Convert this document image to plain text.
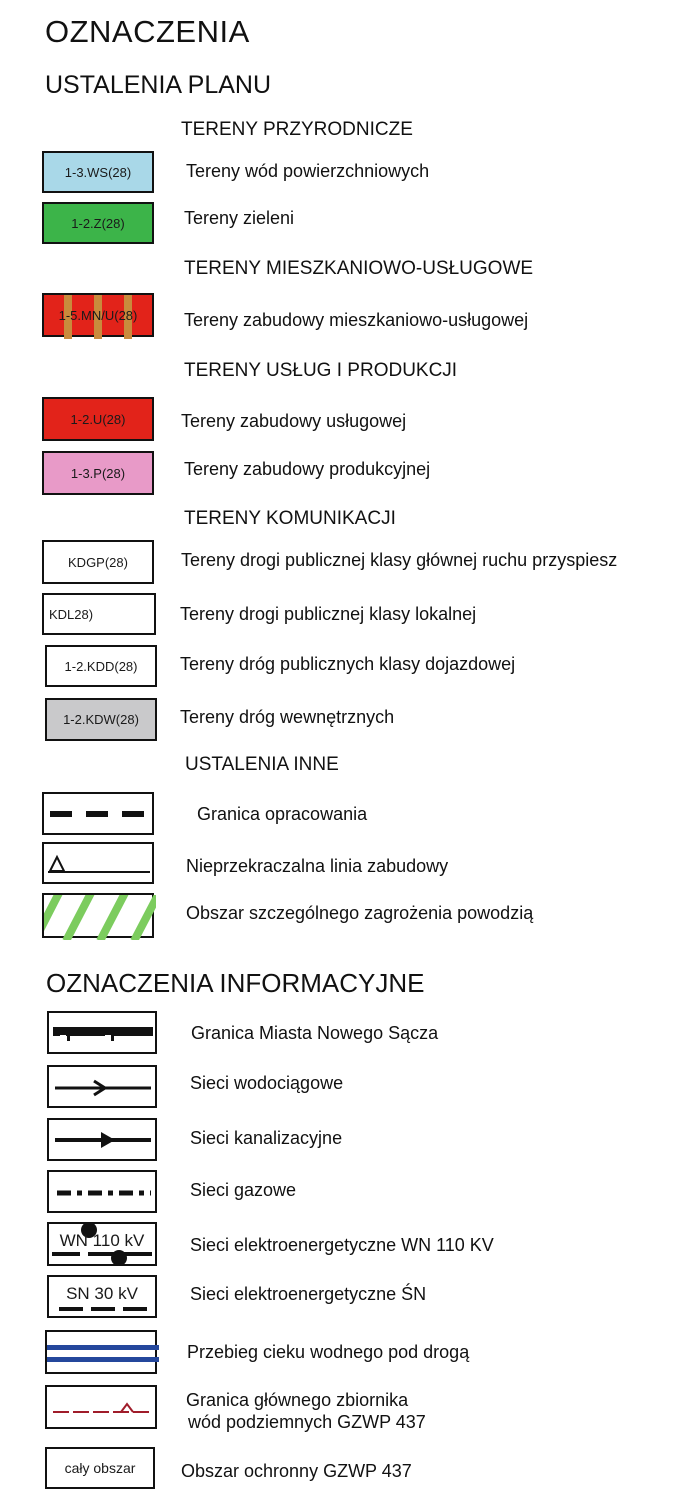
OZNACZENIA
USTALENIA PLANU
TERENY PRZYRODNICZE
1-3.WS(28)	Tereny wód powierzchniowych
1-2.Z(28)	Tereny zieleni
TERENY MIESZKANIOWO-USŁUGOWE
1-5.MN/U(28)	Tereny zabudowy mieszkaniowo-usługowej
TERENY USŁUG I PRODUKCJI
1-2.U(28)	Tereny zabudowy usługowej
1-3.P(28)	Tereny zabudowy produkcyjnej
TERENY KOMUNIKACJI
KDGP(28)	Tereny drogi publicznej klasy głównej ruchu przyspiesz
KDL28)	Tereny drogi publicznej klasy lokalnej
1-2.KDD(28) Tereny dróg publicznych klasy dojazdowej
1-2.KDW(28) Tereny dróg wewnętrznych
USTALENIA INNE
Granica opracowania
Nieprzekraczalna linia zabudowy
Obszar szczególnego zagrożenia powodzią
OZNACZENIA INFORMACYJNE
Granica Miasta Nowego Sącza
Sieci wodociągowe
Sieci kanalizacyjne
Sieci gazowe
WN 110 kV	Sieci elektroenergetyczne WN 110 KV
SN 30 kV	Sieci elektroenergetyczne ŚN
Przebieg cieku wodnego pod drogą
Granica głównego zbiornika
wód podziemnych GZWP 437
cały obszar	Obszar ochronny GZWP 437
